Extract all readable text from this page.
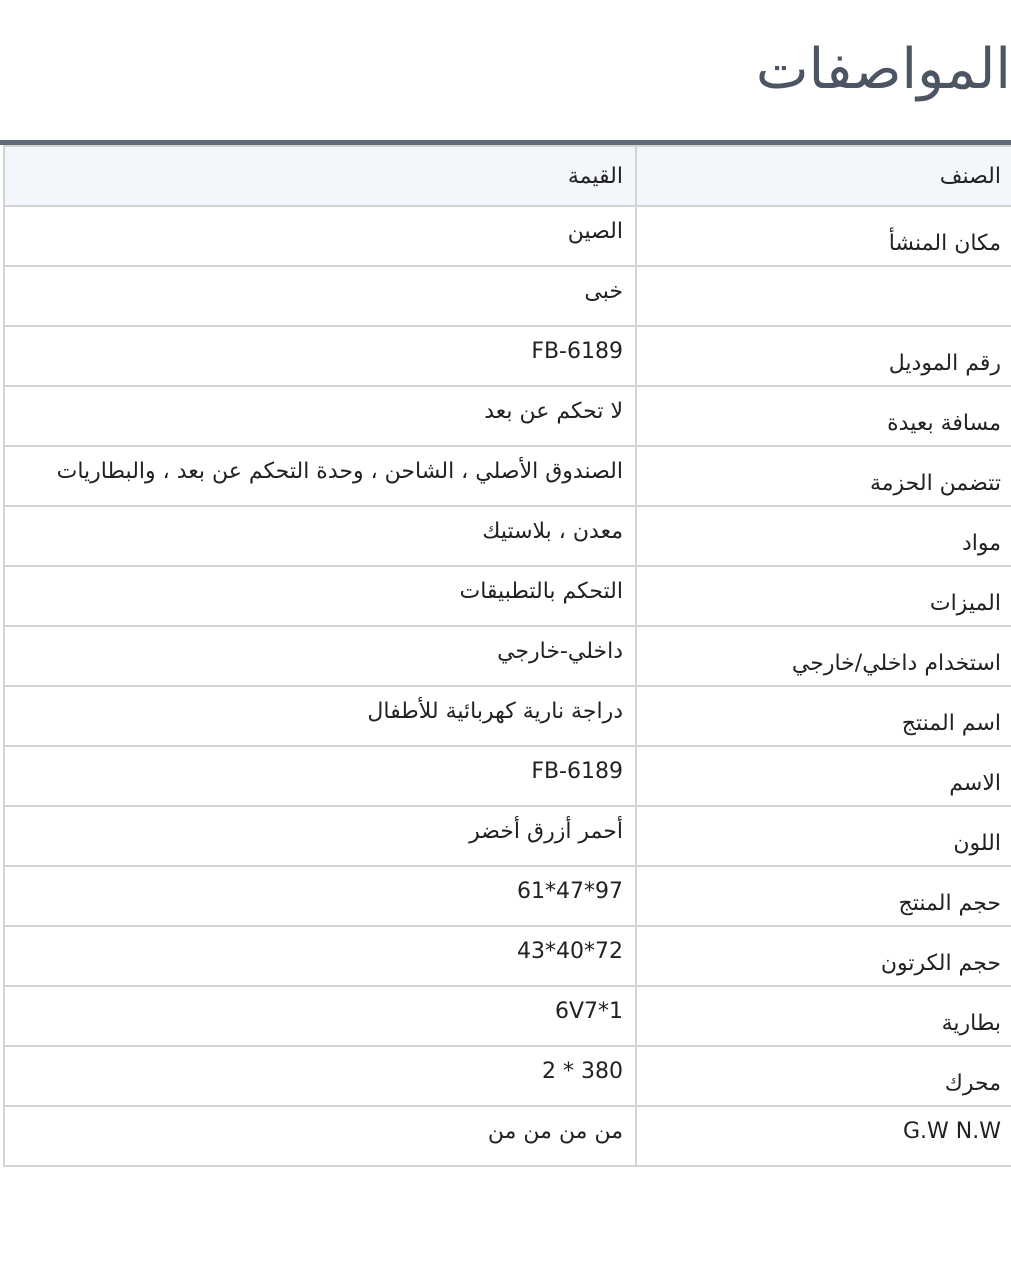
المواصفات
الصنف	القيمة
مكان المنشأ	الصين
	خبى
رقم الموديل	FB-6189
مسافة بعيدة	لا تحكم عن بعد
تتضمن الحزمة	الصندوق الأصلي ، الشاحن ، وحدة التحكم عن بعد ، والبطاريات
مواد	معدن ، بلاستيك
الميزات	التحكم بالتطبيقات
استخدام داخلي/خارجي	داخلي-خارجي
اسم المنتج	دراجة نارية كهربائية للأطفال
الاسم	FB-6189
اللون	أحمر أزرق أخضر
حجم المنتج	61*47*97
حجم الكرتون	43*40*72
بطارية	6V7*1
محرك	2 * 380
G.W N.W	من من من من
